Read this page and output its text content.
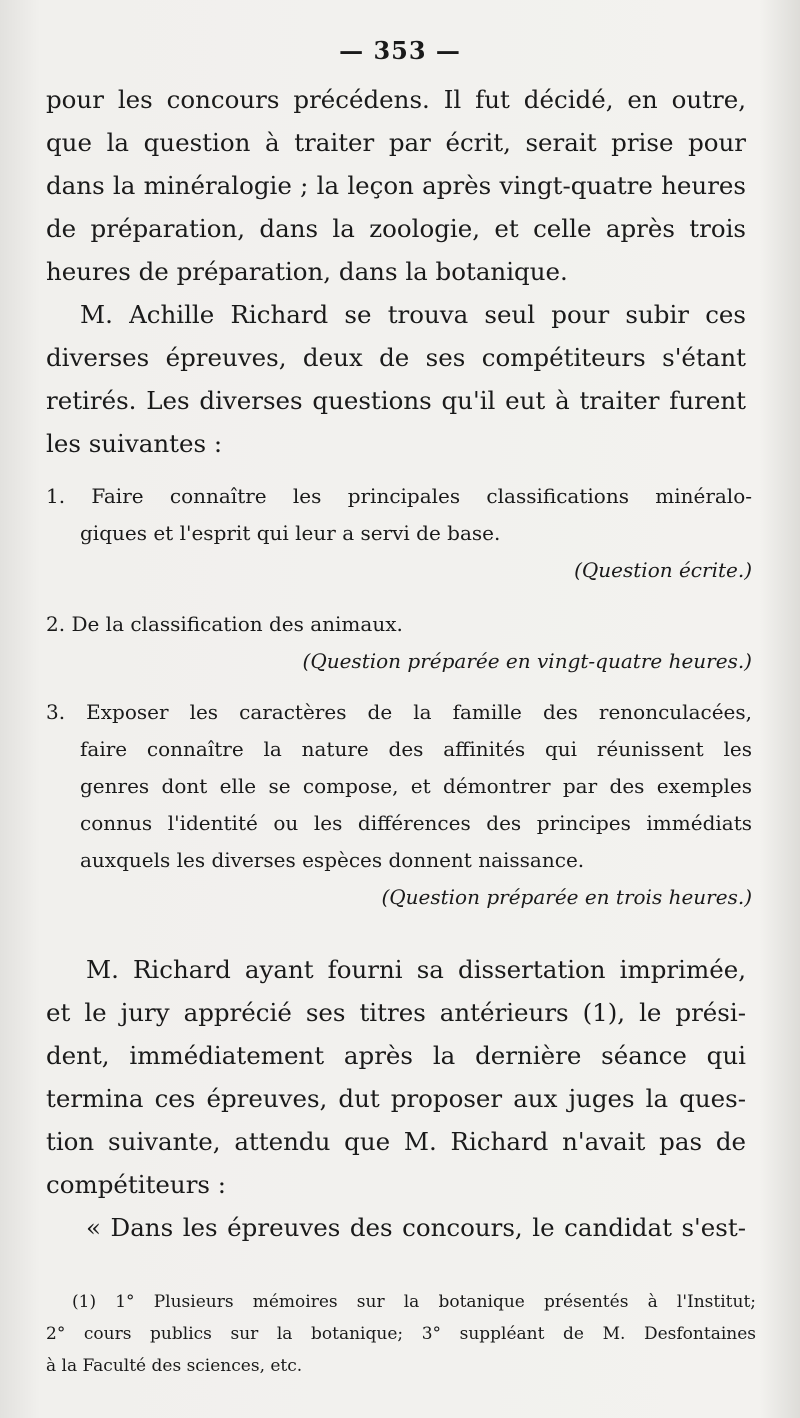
— 353 —
pour les concours précédens. Il fut décidé, en outre,
que la question à traiter par écrit, serait prise pour
dans la minéralogie ; la leçon après vingt-quatre heures
de préparation, dans la zoologie, et celle après trois
heures de préparation, dans la botanique.
M. Achille Richard se trouva seul pour subir ces
diverses épreuves, deux de ses compétiteurs s'étant
retirés. Les diverses questions qu'il eut à traiter furent
les suivantes :
1. Faire connaître les principales classifications minéralo-
giques et l'esprit qui leur a servi de base.
(Question écrite.)
2. De la classification des animaux.
(Question préparée en vingt-quatre heures.)
3. Exposer les caractères de la famille des renonculacées,
faire connaître la nature des affinités qui réunissent les
genres dont elle se compose, et démontrer par des exemples
connus l'identité ou les différences des principes immédiats
auxquels les diverses espèces donnent naissance.
(Question préparée en trois heures.)
M. Richard ayant fourni sa dissertation imprimée,
et le jury apprécié ses titres antérieurs (1), le prési-
dent, immédiatement après la dernière séance qui
termina ces épreuves, dut proposer aux juges la ques-
tion suivante, attendu que M. Richard n'avait pas de
compétiteurs :
« Dans les épreuves des concours, le candidat s'est-
(1) 1° Plusieurs mémoires sur la botanique présentés à l'Institut;
2° cours publics sur la botanique; 3° suppléant de M. Desfontaines
à la Faculté des sciences, etc.
